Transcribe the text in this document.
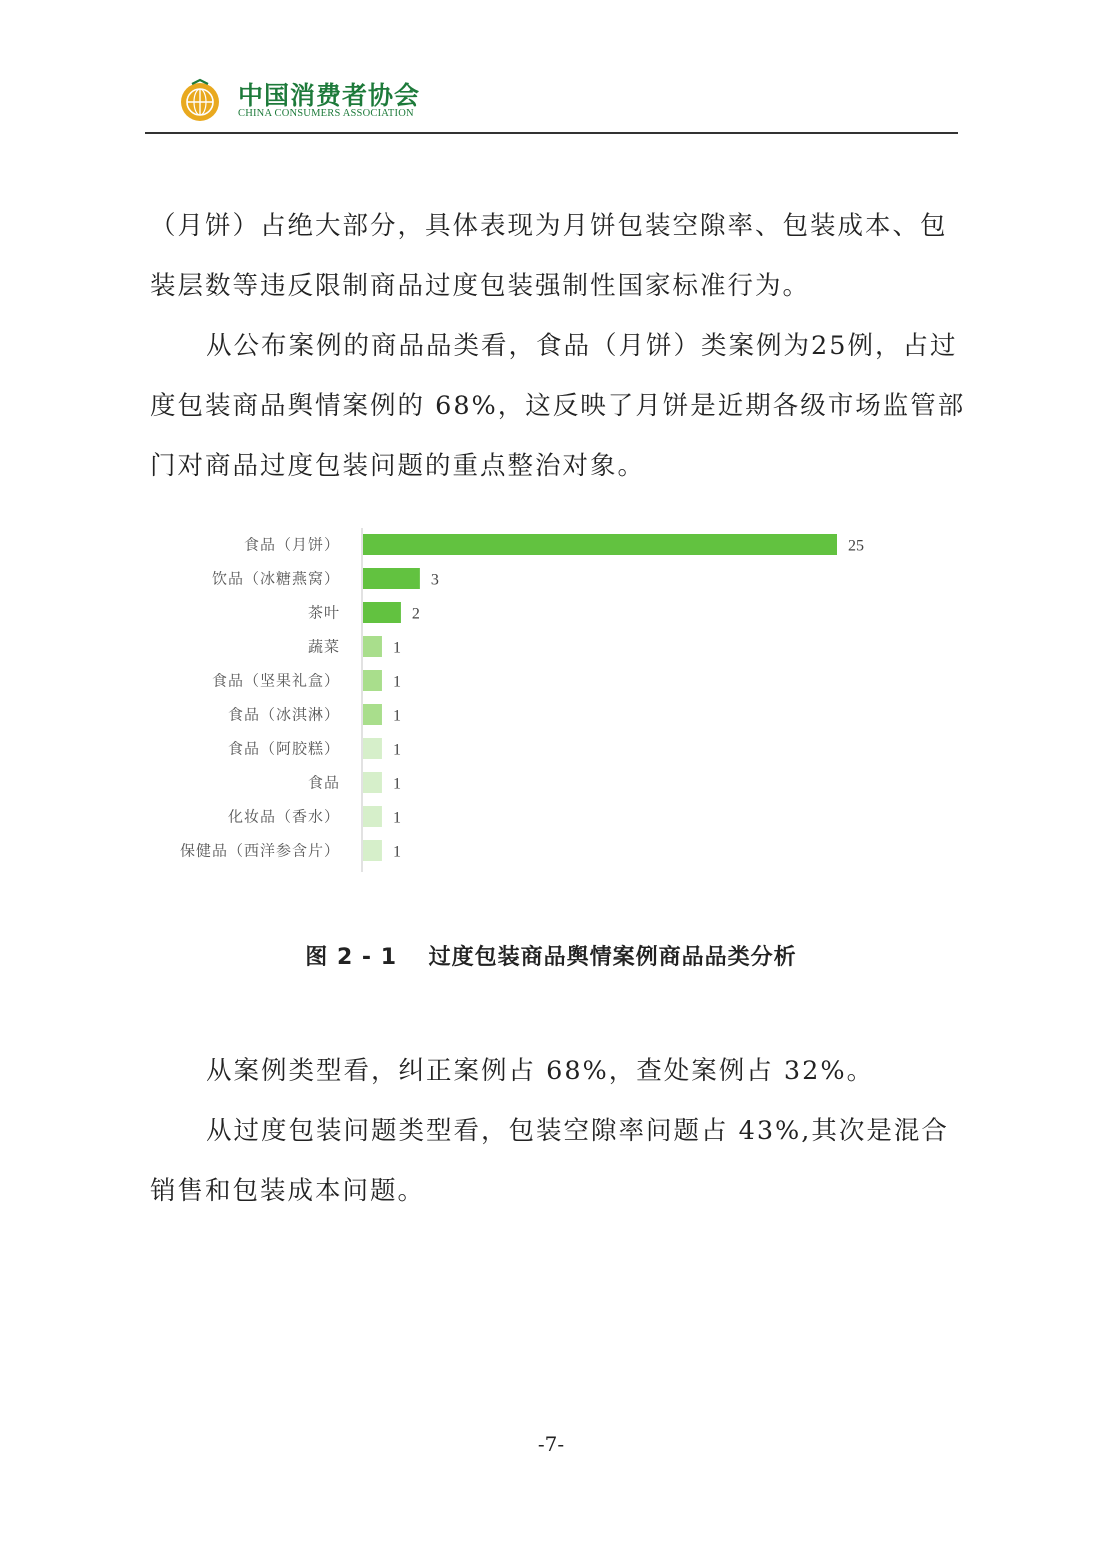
中国消费者协会
CHINA CONSUMERS ASSOCIATION

（月饼）占绝大部分，具体表现为月饼包装空隙率、包装成本、包装层数等违反限制商品过度包装强制性国家标准行为。

从公布案例的商品品类看，食品（月饼）类案例为25例，占过度包装商品舆情案例的 68%，这反映了月饼是近期各级市场监管部门对商品过度包装问题的重点整治对象。

食品（月饼）
饮品（冰糖燕窝）
茶叶
蔬菜
食品（坚果礼盒）
食品（冰淇淋）
食品（阿胶糕）
食品
化妆品（香水）
保健品（西洋参含片）
25
3
2
1
1
1
1
1
1
1
图 2 - 1　 过度包装商品舆情案例商品品类分析

从案例类型看，纠正案例占 68%，查处案例占 32%。

从过度包装问题类型看，包装空隙率问题占 43%,其次是混合销售和包装成本问题。

-7-
